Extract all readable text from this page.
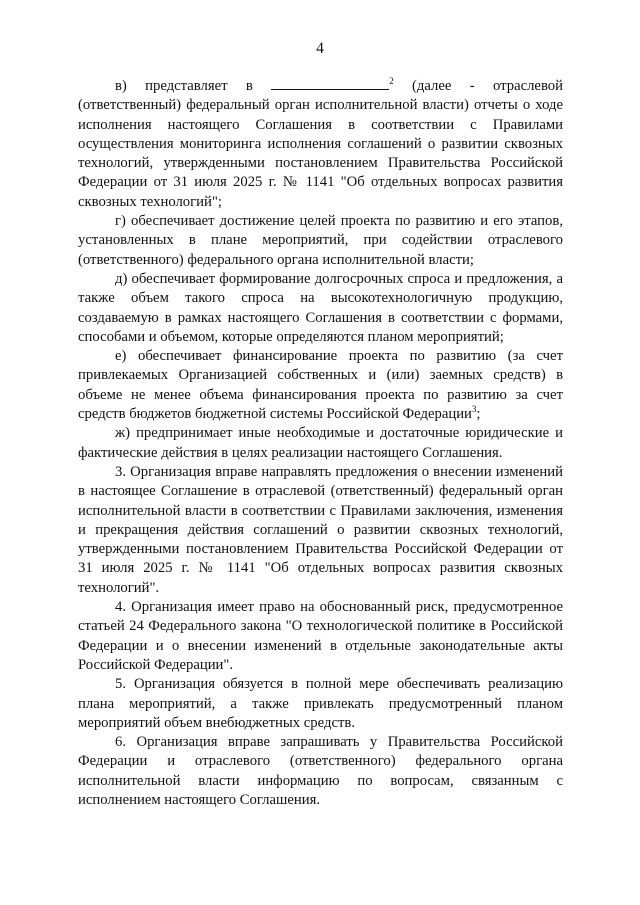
4

в) представляет в	$^2$ (далее - отраслевой (ответственный) федеральный орган исполнительной власти) отчеты о ходе исполнения настоящего Соглашения в соответствии с Правилами осуществления мониторинга исполнения соглашений о развитии сквозных технологий, утвержденными постановлением Правительства Российской Федерации от 31 июля 2025 г. № 1141 "Об отдельных вопросах развития сквозных технологий";

г) обеспечивает достижение целей проекта по развитию и его этапов, установленных в плане мероприятий, при содействии отраслевого (ответственного) федерального органа исполнительной власти;

д) обеспечивает формирование долгосрочных спроса и предложения, а также объем такого спроса на высокотехнологичную продукцию, создаваемую в рамках настоящего Соглашения в соответствии с формами, способами и объемом, которые определяются планом мероприятий;

е) обеспечивает финансирование проекта по развитию (за счет привлекаемых Организацией собственных и (или) заемных средств) в объеме не менее объема финансирования проекта по развитию за счет средств бюджетов бюджетной системы Российской Федерации$^3$;

ж) предпринимает иные необходимые и достаточные юридические и фактические действия в целях реализации настоящего Соглашения.

3. Организация вправе направлять предложения о внесении изменений в настоящее Соглашение в отраслевой (ответственный) федеральный орган исполнительной власти в соответствии с Правилами заключения, изменения и прекращения действия соглашений о развитии сквозных технологий, утвержденными постановлением Правительства Российской Федерации от 31 июля 2025 г. № 1141 "Об отдельных вопросах развития сквозных технологий".

4. Организация имеет право на обоснованный риск, предусмотренное статьей 24 Федерального закона "О технологической политике в Российской Федерации и о внесении изменений в отдельные законодательные акты Российской Федерации".

5. Организация обязуется в полной мере обеспечивать реализацию плана мероприятий, а также привлекать предусмотренный планом мероприятий объем внебюджетных средств.

6. Организация вправе запрашивать у Правительства Российской Федерации и отраслевого (ответственного) федерального органа исполнительной власти информацию по вопросам, связанным с исполнением настоящего Соглашения.
